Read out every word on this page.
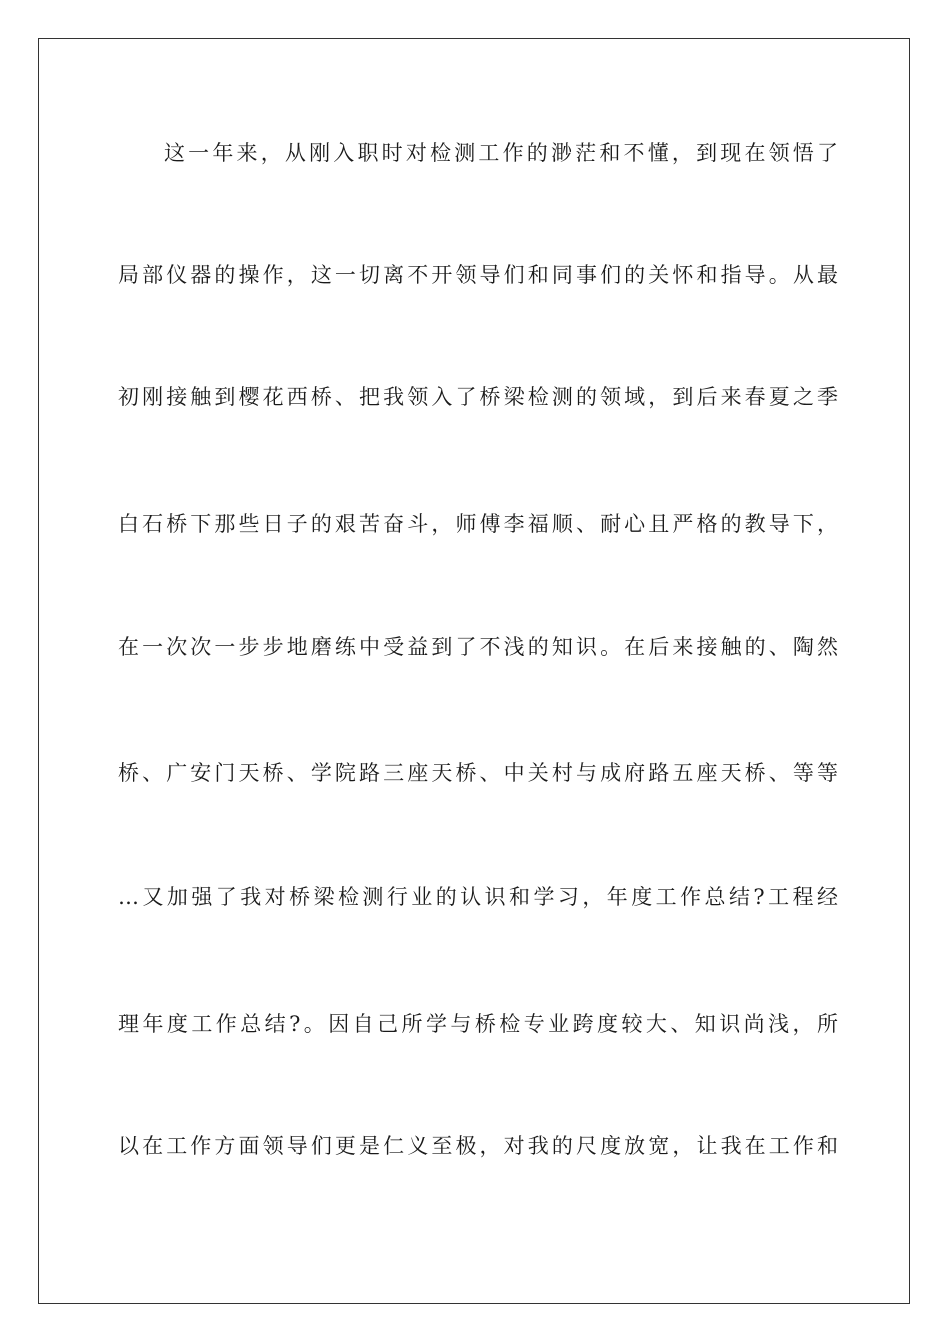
这一年来，从刚入职时对检测工作的渺茫和不懂，到现在领悟了
局部仪器的操作，这一切离不开领导们和同事们的关怀和指导。从最
初刚接触到樱花西桥、把我领入了桥梁检测的领域，到后来春夏之季
白石桥下那些日子的艰苦奋斗，师傅李福顺、耐心且严格的教导下，
在一次次一步步地磨练中受益到了不浅的知识。在后来接触的、陶然
桥、广安门天桥、学院路三座天桥、中关村与成府路五座天桥、等等
…又加强了我对桥梁检测行业的认识和学习，年度工作总结?工程经
理年度工作总结?。因自己所学与桥检专业跨度较大、知识尚浅，所
以在工作方面领导们更是仁义至极，对我的尺度放宽，让我在工作和
